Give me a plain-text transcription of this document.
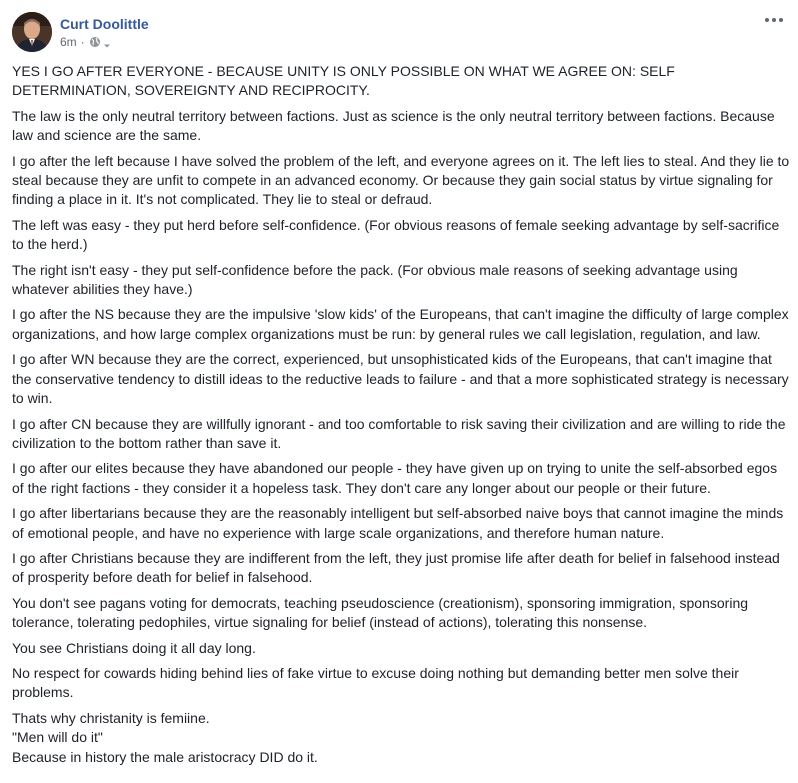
Curt Doolittle
6m ·

YES I GO AFTER EVERYONE - BECAUSE UNITY IS ONLY POSSIBLE ON WHAT WE AGREE ON: SELF DETERMINATION, SOVEREIGNTY AND RECIPROCITY.

The law is the only neutral territory between factions. Just as science is the only neutral territory between factions. Because law and science are the same.

I go after the left because I have solved the problem of the left, and everyone agrees on it. The left lies to steal. And they lie to steal because they are unfit to compete in an advanced economy. Or because they gain social status by virtue signaling for finding a place in it. It's not complicated. They lie to steal or defraud.

The left was easy - they put herd before self-confidence. (For obvious reasons of female seeking advantage by self-sacrifice to the herd.)

The right isn't easy - they put self-confidence before the pack. (For obvious male reasons of seeking advantage using whatever abilities they have.)

I go after the NS because they are the impulsive 'slow kids' of the Europeans, that can't imagine the difficulty of large complex organizations, and how large complex organizations must be run: by general rules we call legislation, regulation, and law.

I go after WN because they are the correct, experienced, but unsophisticated kids of the Europeans, that can't imagine that the conservative tendency to distill ideas to the reductive leads to failure - and that a more sophisticated strategy is necessary to win.

I go after CN because they are willfully ignorant - and too comfortable to risk saving their civilization and are willing to ride the civilization to the bottom rather than save it.

I go after our elites because they have abandoned our people - they have given up on trying to unite the self-absorbed egos of the right factions - they consider it a hopeless task. They don't care any longer about our people or their future.

I go after libertarians because they are the reasonably intelligent but self-absorbed naive boys that cannot imagine the minds of emotional people, and have no experience with large scale organizations, and therefore human nature.

I go after Christians because they are indifferent from the left, they just promise life after death for belief in falsehood instead of prosperity before death for belief in falsehood.

You don't see pagans voting for democrats, teaching pseudoscience (creationism), sponsoring immigration, sponsoring tolerance, tolerating pedophiles, virtue signaling for belief (instead of actions), tolerating this nonsense.

You see Christians doing it all day long.

No respect for cowards hiding behind lies of fake virtue to excuse doing nothing but demanding better men solve their problems.

Thats why christanity is femiine.
"Men will do it"
Because in history the male aristocracy DID do it.
